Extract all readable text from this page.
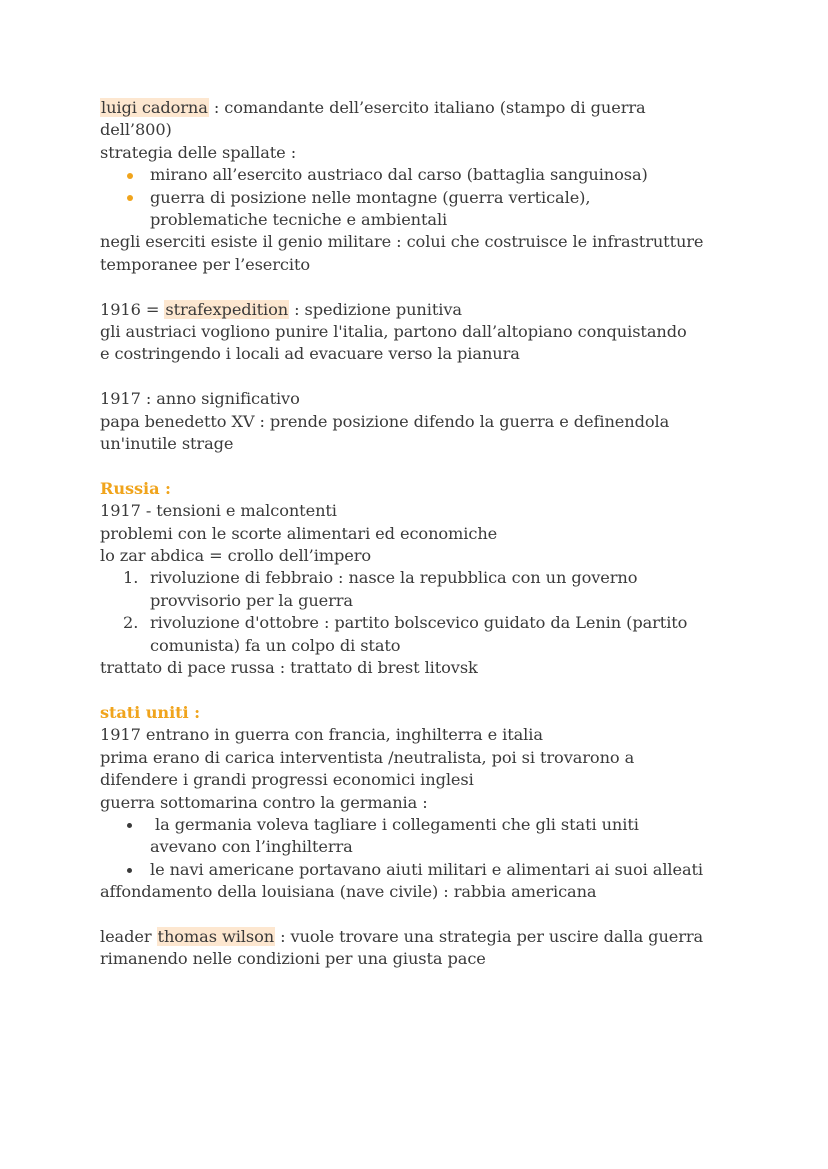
luigi cadorna : comandante dell’esercito italiano (stampo di guerra
dell’800)
strategia delle spallate :
mirano all’esercito austriaco dal carso (battaglia sanguinosa)
guerra di posizione nelle montagne (guerra verticale),
problematiche tecniche e ambientali
negli eserciti esiste il genio militare : colui che costruisce le infrastrutture
temporanee per l’esercito
1916 = strafexpedition : spedizione punitiva
gli austriaci vogliono punire l'italia, partono dall’altopiano conquistando
e costringendo i locali ad evacuare verso la pianura
1917 : anno significativo
papa benedetto XV : prende posizione difendo la guerra e definendola
un'inutile strage
Russia :
1917 - tensioni e malcontenti
problemi con le scorte alimentari ed economiche
lo zar abdica = crollo dell’impero
1. rivoluzione di febbraio : nasce la repubblica con un governo
provvisorio per la guerra
2. rivoluzione d'ottobre : partito bolscevico guidato da Lenin (partito
comunista) fa un colpo di stato
trattato di pace russa : trattato di brest litovsk
stati uniti :
1917 entrano in guerra con francia, inghilterra e italia
prima erano di carica interventista /neutralista, poi si trovarono a
difendere i grandi progressi economici inglesi
guerra sottomarina contro la germania :
la germania voleva tagliare i collegamenti che gli stati uniti
avevano con l’inghilterra
le navi americane portavano aiuti militari e alimentari ai suoi alleati
affondamento della louisiana (nave civile) : rabbia americana
leader thomas wilson : vuole trovare una strategia per uscire dalla guerra
rimanendo nelle condizioni per una giusta pace
